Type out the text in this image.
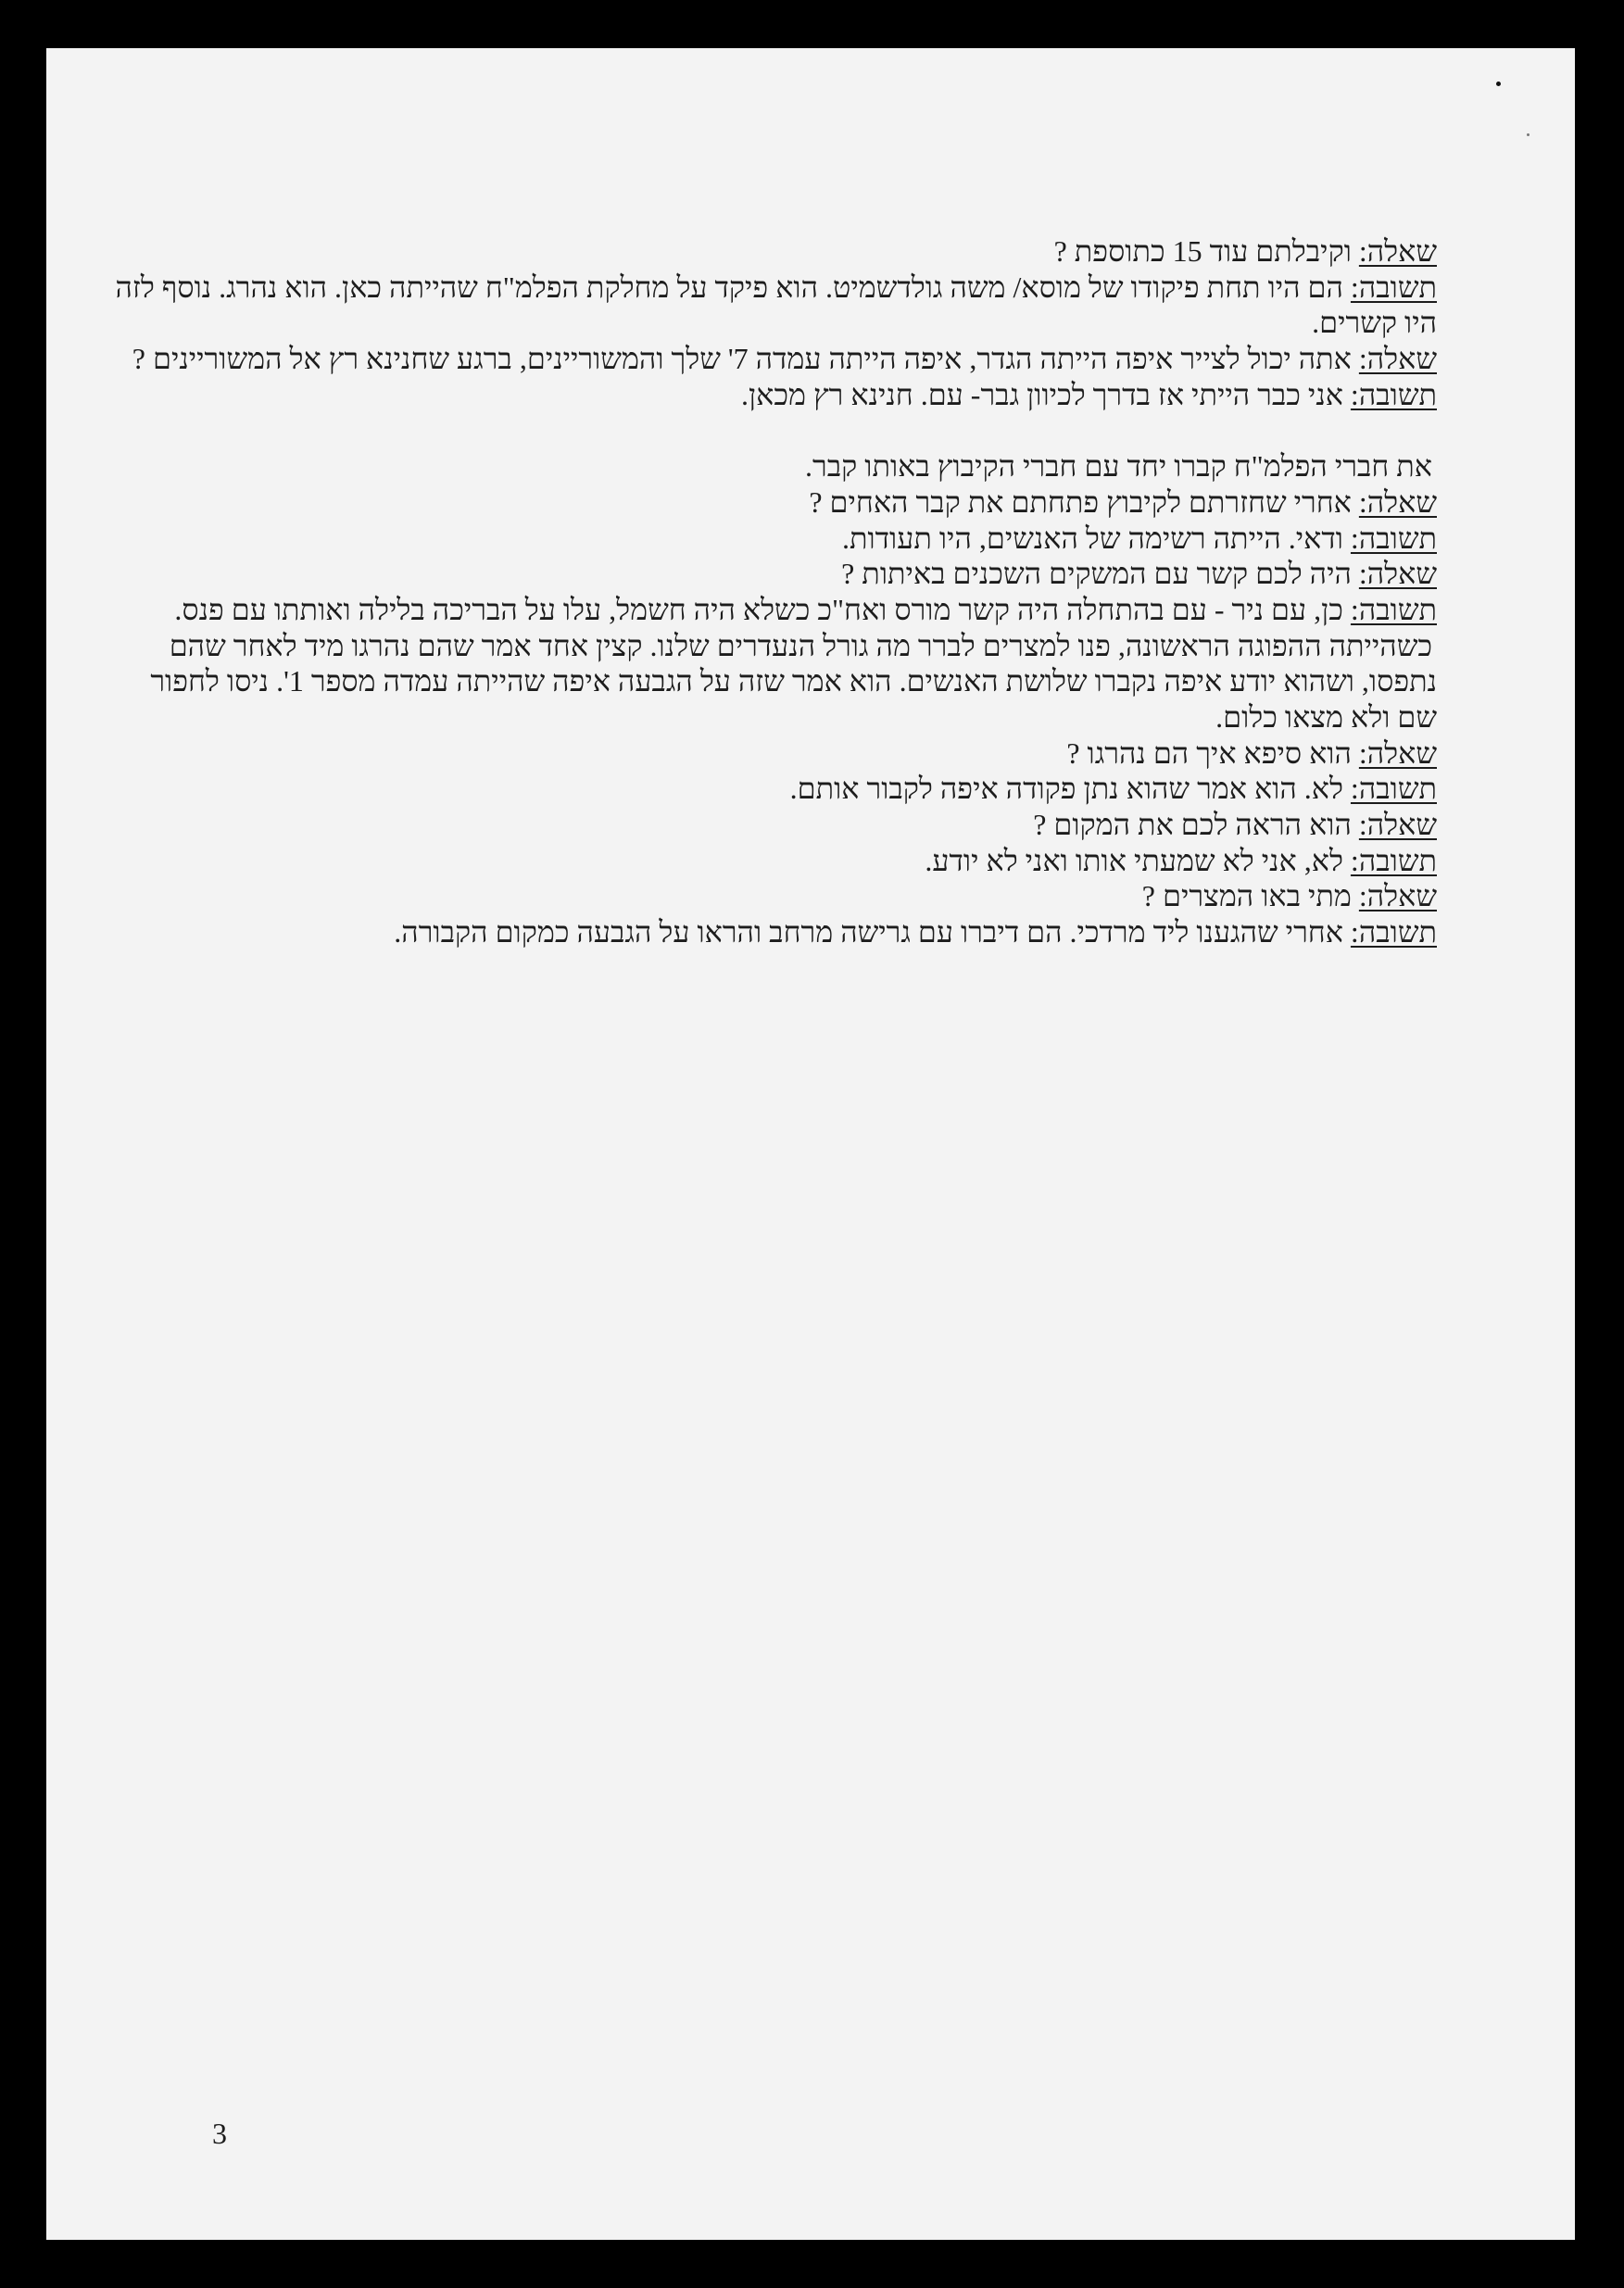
שאלה: וקיבלתם עוד 15 כתוספת ?
תשובה: הם היו תחת פיקודו של מוסא/ משה גולדשמיט. הוא פיקד על מחלקת הפלמ"ח שהייתה כאן. הוא נהרג. נוסף לזה
היו קשרים.
שאלה: אתה יכול לצייר איפה הייתה הגדר, איפה הייתה עמדה 7' שלך והמשוריינים, ברגע שחנינא רץ אל המשוריינים ?
תשובה: אני כבר הייתי אז בדרך לכיוון גבר- עם. חנינא רץ מכאן.
את חברי הפלמ"ח קברו יחד עם חברי הקיבוץ באותו קבר.
שאלה: אחרי שחזרתם לקיבוץ פתחתם את קבר האחים ?
תשובה: ודאי. הייתה רשימה של האנשים, היו תעודות.
שאלה: היה לכם קשר עם המשקים השכנים באיתות ?
תשובה: כן, עם ניר - עם בהתחלה היה קשר מורס ואח"כ כשלא היה חשמל, עלו על הבריכה בלילה ואותתו עם פנס.
כשהייתה ההפוגה הראשונה, פנו למצרים לברר מה גורל הנעדרים שלנו. קצין אחד אמר שהם נהרגו מיד לאחר שהם
נתפסו, ושהוא יודע איפה נקברו שלושת האנשים. הוא אמר שזה על הגבעה איפה שהייתה עמדה מספר 1'. ניסו לחפור
שם ולא מצאו כלום.
שאלה: הוא סיפא איך הם נהרגו ?
תשובה: לא. הוא אמר שהוא נתן פקודה איפה לקבור אותם.
שאלה: הוא הראה לכם את המקום ?
תשובה: לא, אני לא שמעתי אותו ואני לא יודע.
שאלה: מתי באו המצרים ?
תשובה: אחרי שהגענו ליד מרדכי. הם דיברו עם גרישה מרחב והראו על הגבעה כמקום הקבורה.
3
